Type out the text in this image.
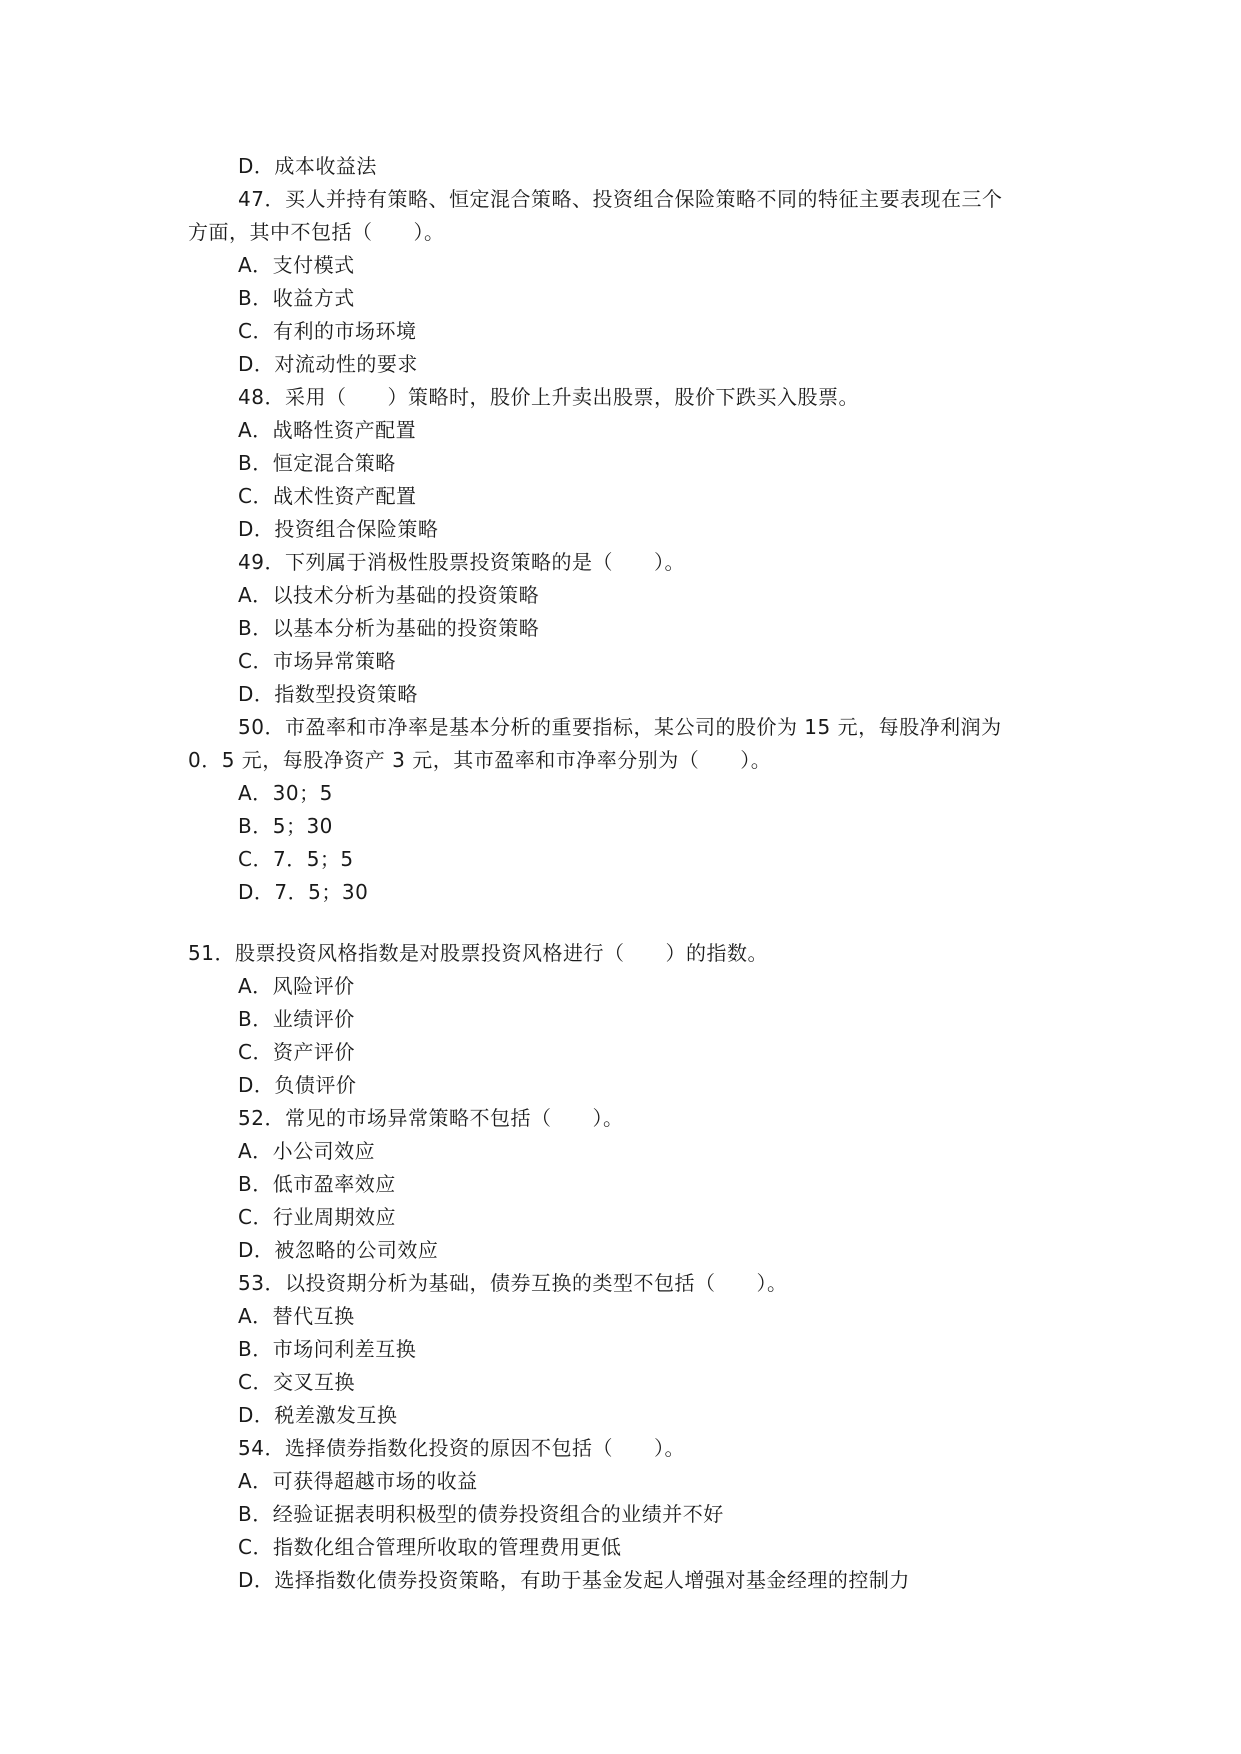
D．成本收益法
47．买人并持有策略、恒定混合策略、投资组合保险策略不同的特征主要表现在三个
方面，其中不包括（　　）。
A．支付模式
B．收益方式
C．有利的市场环境
D．对流动性的要求
48．采用（　　）策略时，股价上升卖出股票，股价下跌买入股票。
A．战略性资产配置
B．恒定混合策略
C．战术性资产配置
D．投资组合保险策略
49．下列属于消极性股票投资策略的是（　　）。
A．以技术分析为基础的投资策略
B．以基本分析为基础的投资策略
C．市场异常策略
D．指数型投资策略
50．市盈率和市净率是基本分析的重要指标，某公司的股价为 15 元，每股净利润为
0．5 元，每股净资产 3 元，其市盈率和市净率分别为（　　）。
A．30；5
B．5；30
C．7．5；5
D．7．5；30
51．股票投资风格指数是对股票投资风格进行（　　）的指数。
A．风险评价
B．业绩评价
C．资产评价
D．负债评价
52．常见的市场异常策略不包括（　　）。
A．小公司效应
B．低市盈率效应
C．行业周期效应
D．被忽略的公司效应
53．以投资期分析为基础，债券互换的类型不包括（　　）。
A．替代互换
B．市场问利差互换
C．交叉互换
D．税差激发互换
54．选择债券指数化投资的原因不包括（　　）。
A．可获得超越市场的收益
B．经验证据表明积极型的债券投资组合的业绩并不好
C．指数化组合管理所收取的管理费用更低
D．选择指数化债券投资策略，有助于基金发起人增强对基金经理的控制力
